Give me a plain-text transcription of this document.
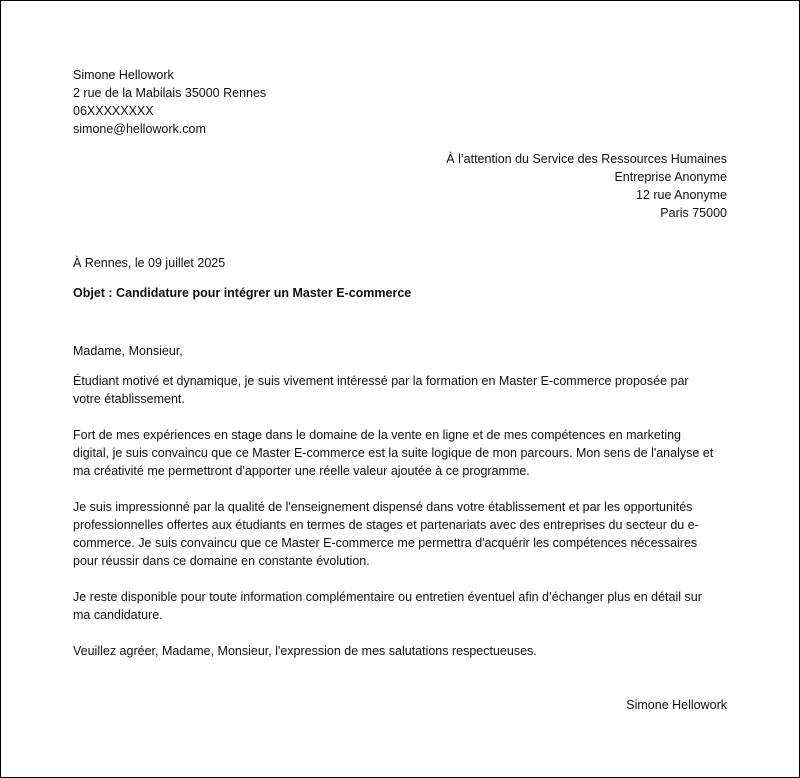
Simone Hellowork
2 rue de la Mabilais 35000 Rennes
06XXXXXXXX
simone@hellowork.com
À l’attention du Service des Ressources Humaines
Entreprise Anonyme
12 rue Anonyme
Paris 75000
À Rennes, le 09 juillet 2025
Objet : Candidature pour intégrer un Master E-commerce
Madame, Monsieur,
Étudiant motivé et dynamique, je suis vivement intéressé par la formation en Master E-commerce proposée par
votre établissement.
Fort de mes expériences en stage dans le domaine de la vente en ligne et de mes compétences en marketing
digital, je suis convaincu que ce Master E-commerce est la suite logique de mon parcours. Mon sens de l'analyse et
ma créativité me permettront d'apporter une réelle valeur ajoutée à ce programme.
Je suis impressionné par la qualité de l'enseignement dispensé dans votre établissement et par les opportunités
professionnelles offertes aux étudiants en termes de stages et partenariats avec des entreprises du secteur du e-
commerce. Je suis convaincu que ce Master E-commerce me permettra d'acquérir les compétences nécessaires
pour réussir dans ce domaine en constante évolution.
Je reste disponible pour toute information complémentaire ou entretien éventuel afin d’échanger plus en détail sur
ma candidature.
Veuillez agréer, Madame, Monsieur, l'expression de mes salutations respectueuses.
Simone Hellowork
